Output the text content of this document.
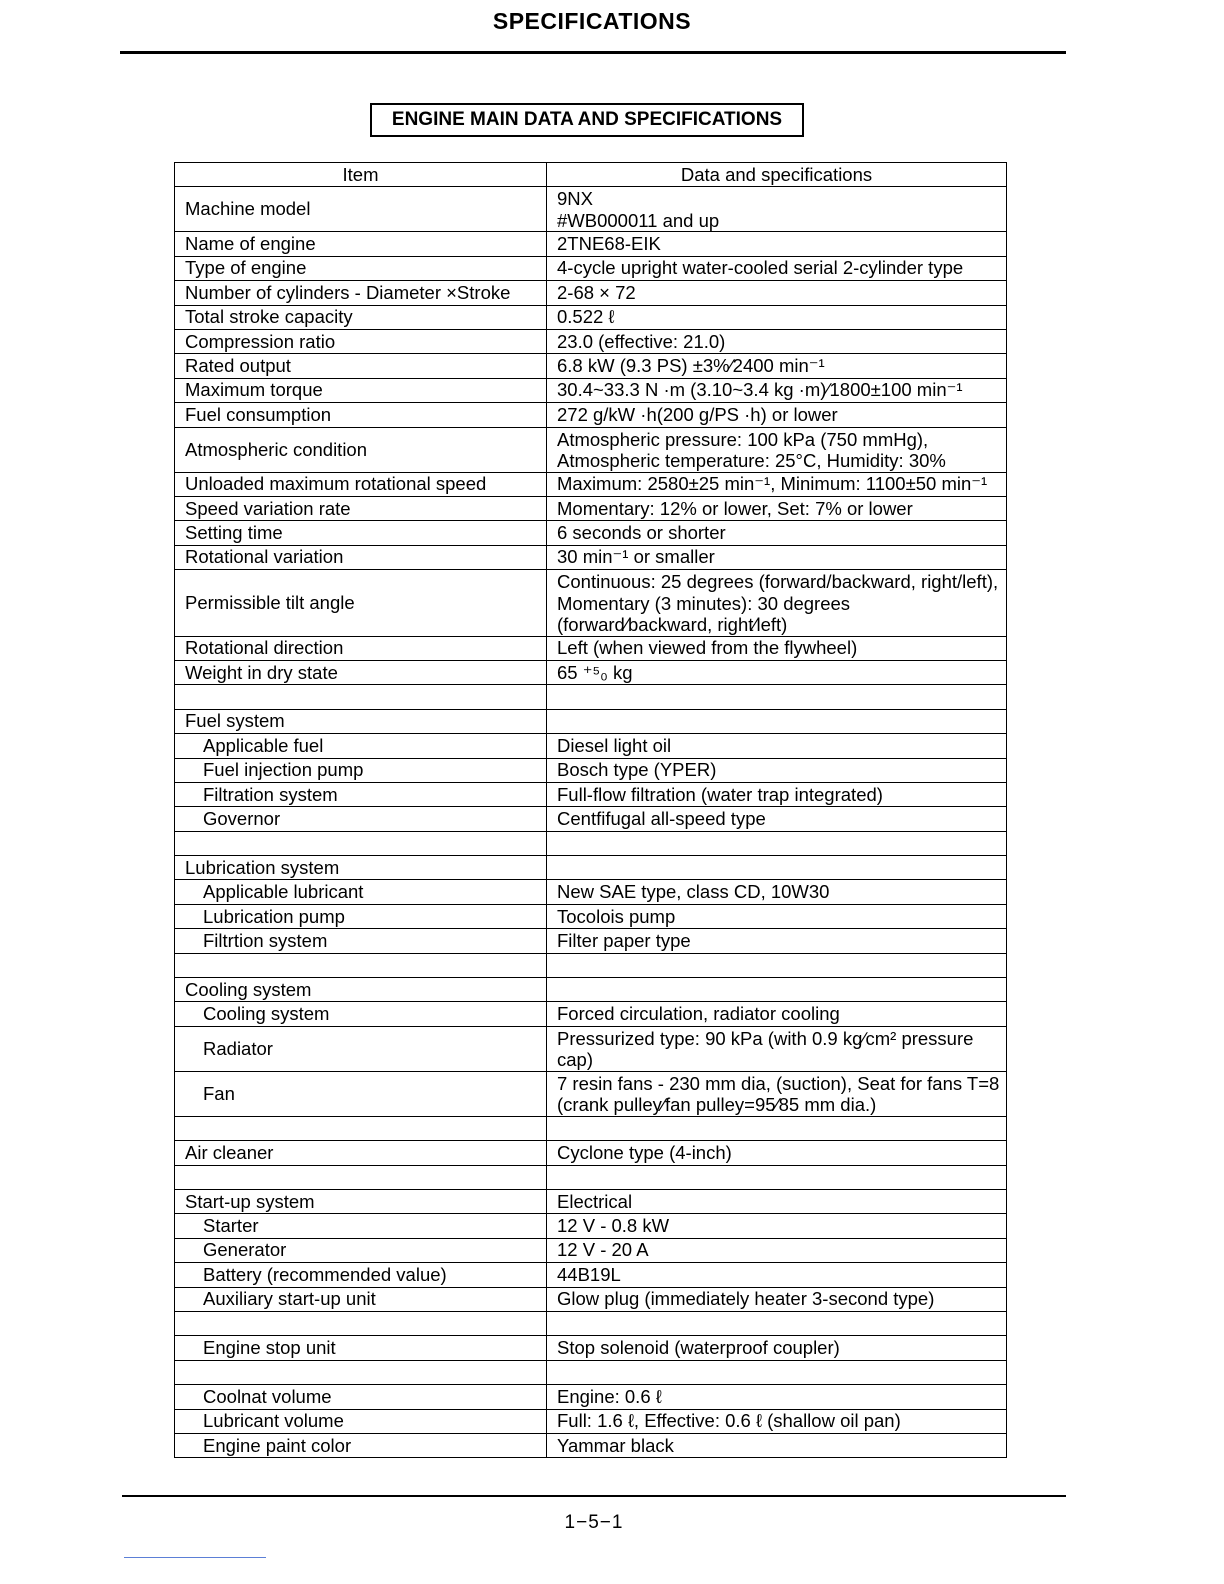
SPECIFICATIONS
ENGINE MAIN DATA AND SPECIFICATIONS
Item	Data and specifications
Machine model	9NX
#WB000011 and up
Name of engine	2TNE68-EIK
Type of engine	4-cycle upright water-cooled serial 2-cylinder type
Number of cylinders - Diameter ×Stroke	2-68 × 72
Total stroke capacity	0.522 ℓ
Compression ratio	23.0 (effective: 21.0)
Rated output	6.8 kW (9.3 PS) ±3%∕2400 min⁻¹
Maximum torque	30.4~33.3 N ·m (3.10~3.4 kg ·m)∕1800±100 min⁻¹
Fuel consumption	272 g/kW ·h(200 g/PS ·h) or lower
Atmospheric condition	Atmospheric pressure: 100 kPa (750 mmHg), Atmospheric temperature: 25°C, Humidity: 30%
Unloaded maximum rotational speed	Maximum: 2580±25 min⁻¹, Minimum: 1100±50 min⁻¹
Speed variation rate	Momentary: 12% or lower, Set: 7% or lower
Setting time	6 seconds or shorter
Rotational variation	30 min⁻¹ or smaller
Permissible tilt angle	Continuous: 25 degrees (forward/backward, right/left), Momentary (3 minutes): 30 degrees (forward∕backward, right∕left)
Rotational direction	Left (when viewed from the flywheel)
Weight in dry state	65 ⁺⁵₀ kg

Fuel system	
Applicable fuel	Diesel light oil
Fuel injection pump	Bosch type (YPER)
Filtration system	Full-flow filtration (water trap integrated)
Governor	Centfifugal all-speed type

Lubrication system	
Applicable lubricant	New SAE type, class CD, 10W30
Lubrication pump	Tocolois pump
Filtrtion system	Filter paper type

Cooling system	
Cooling system	Forced circulation, radiator cooling
Radiator	Pressurized type: 90 kPa (with 0.9 kg∕cm² pressure cap)
Fan	7 resin fans - 230 mm dia, (suction), Seat for fans T=8 (crank pulley∕fan pulley=95∕85 mm dia.)

Air cleaner	Cyclone type (4-inch)

Start-up system	Electrical
Starter	12 V - 0.8 kW
Generator	12 V - 20 A
Battery (recommended value)	44B19L
Auxiliary start-up unit	Glow plug (immediately heater 3-second type)

Engine stop unit	Stop solenoid (waterproof coupler)

Coolnat volume	Engine: 0.6 ℓ
Lubricant volume	Full: 1.6 ℓ, Effective: 0.6 ℓ (shallow oil pan)
Engine paint color	Yammar black
1−5−1
